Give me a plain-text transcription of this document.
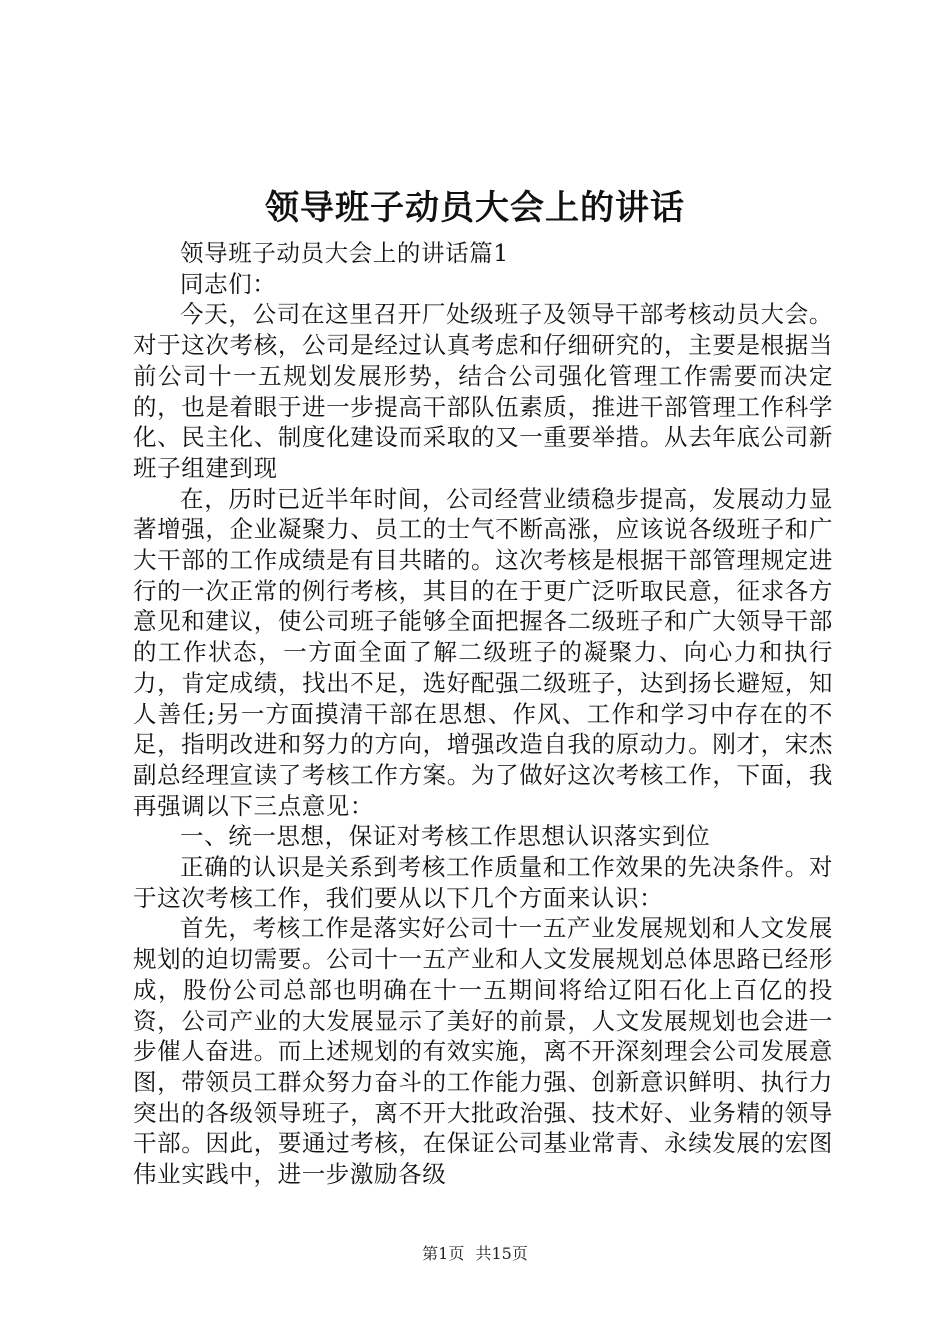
领导班子动员大会上的讲话

领导班子动员大会上的讲话篇1

同志们：

今天，公司在这里召开厂处级班子及领导干部考核动员大会。对于这次考核，公司是经过认真考虑和仔细研究的，主要是根据当前公司十一五规划发展形势，结合公司强化管理工作需要而决定的，也是着眼于进一步提高干部队伍素质，推进干部管理工作科学化、民主化、制度化建设而采取的又一重要举措。从去年底公司新班子组建到现

在，历时已近半年时间，公司经营业绩稳步提高，发展动力显著增强，企业凝聚力、员工的士气不断高涨，应该说各级班子和广大干部的工作成绩是有目共睹的。这次考核是根据干部管理规定进行的一次正常的例行考核，其目的在于更广泛听取民意，征求各方意见和建议，使公司班子能够全面把握各二级班子和广大领导干部的工作状态，一方面全面了解二级班子的凝聚力、向心力和执行力，肯定成绩，找出不足，选好配强二级班子，达到扬长避短，知人善任;另一方面摸清干部在思想、作风、工作和学习中存在的不足，指明改进和努力的方向，增强改造自我的原动力。刚才，宋杰副总经理宣读了考核工作方案。为了做好这次考核工作，下面，我再强调以下三点意见：

一、统一思想，保证对考核工作思想认识落实到位

正确的认识是关系到考核工作质量和工作效果的先决条件。对于这次考核工作，我们要从以下几个方面来认识：

首先，考核工作是落实好公司十一五产业发展规划和人文发展规划的迫切需要。公司十一五产业和人文发展规划总体思路已经形成，股份公司总部也明确在十一五期间将给辽阳石化上百亿的投资，公司产业的大发展显示了美好的前景，人文发展规划也会进一步催人奋进。而上述规划的有效实施，离不开深刻理会公司发展意图，带领员工群众努力奋斗的工作能力强、创新意识鲜明、执行力突出的各级领导班子，离不开大批政治强、技术好、业务精的领导干部。因此，要通过考核，在保证公司基业常青、永续发展的宏图伟业实践中，进一步激励各级

第1页 共15页
